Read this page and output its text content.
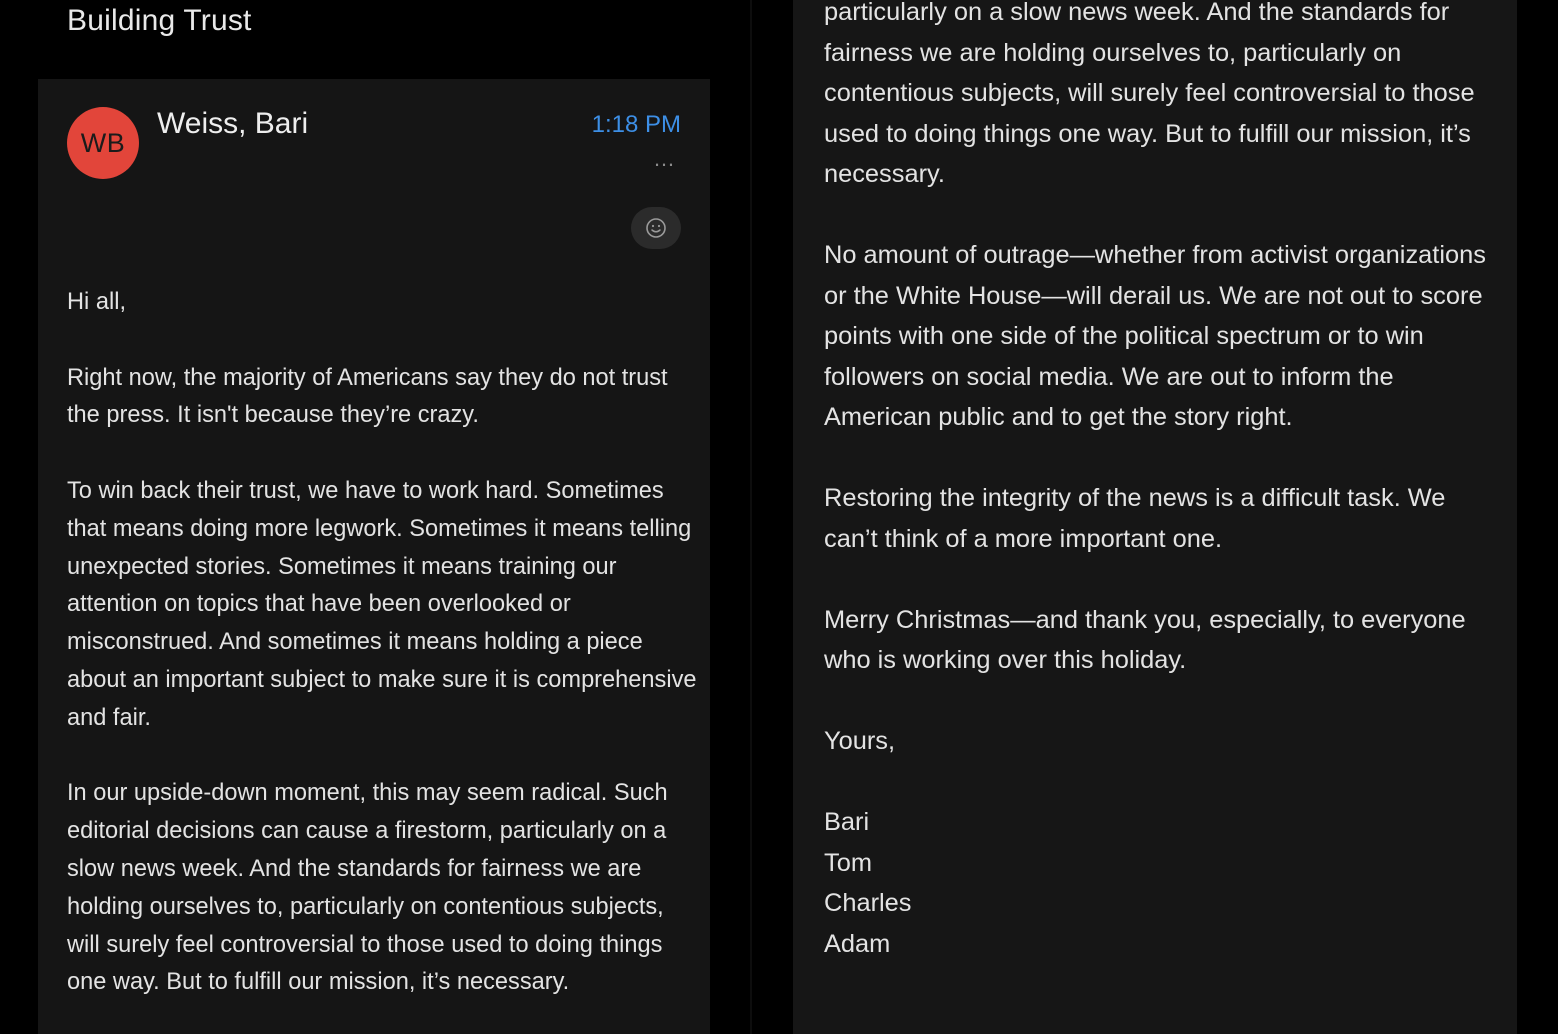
Building Trust
WB
Weiss, Bari	1:18 PM
…

Hi all,

Right now, the majority of Americans say they do not trust the press. It isn't because they’re crazy.

To win back their trust, we have to work hard. Sometimes that means doing more legwork. Sometimes it means telling unexpected stories. Sometimes it means training our attention on topics that have been overlooked or misconstrued. And sometimes it means holding a piece about an important subject to make sure it is comprehensive and fair.

In our upside-down moment, this may seem radical. Such editorial decisions can cause a firestorm, particularly on a slow news week. And the standards for fairness we are holding ourselves to, particularly on contentious subjects, will surely feel controversial to those used to doing things one way. But to fulfill our mission, it’s necessary.

particularly on a slow news week. And the standards for fairness we are holding ourselves to, particularly on contentious subjects, will surely feel controversial to those used to doing things one way. But to fulfill our mission, it’s necessary.

No amount of outrage—whether from activist organizations or the White House—will derail us. We are not out to score points with one side of the political spectrum or to win followers on social media. We are out to inform the American public and to get the story right.

Restoring the integrity of the news is a difficult task. We can’t think of a more important one.

Merry Christmas—and thank you, especially, to everyone who is working over this holiday.

Yours,

Bari
Tom
Charles
Adam
